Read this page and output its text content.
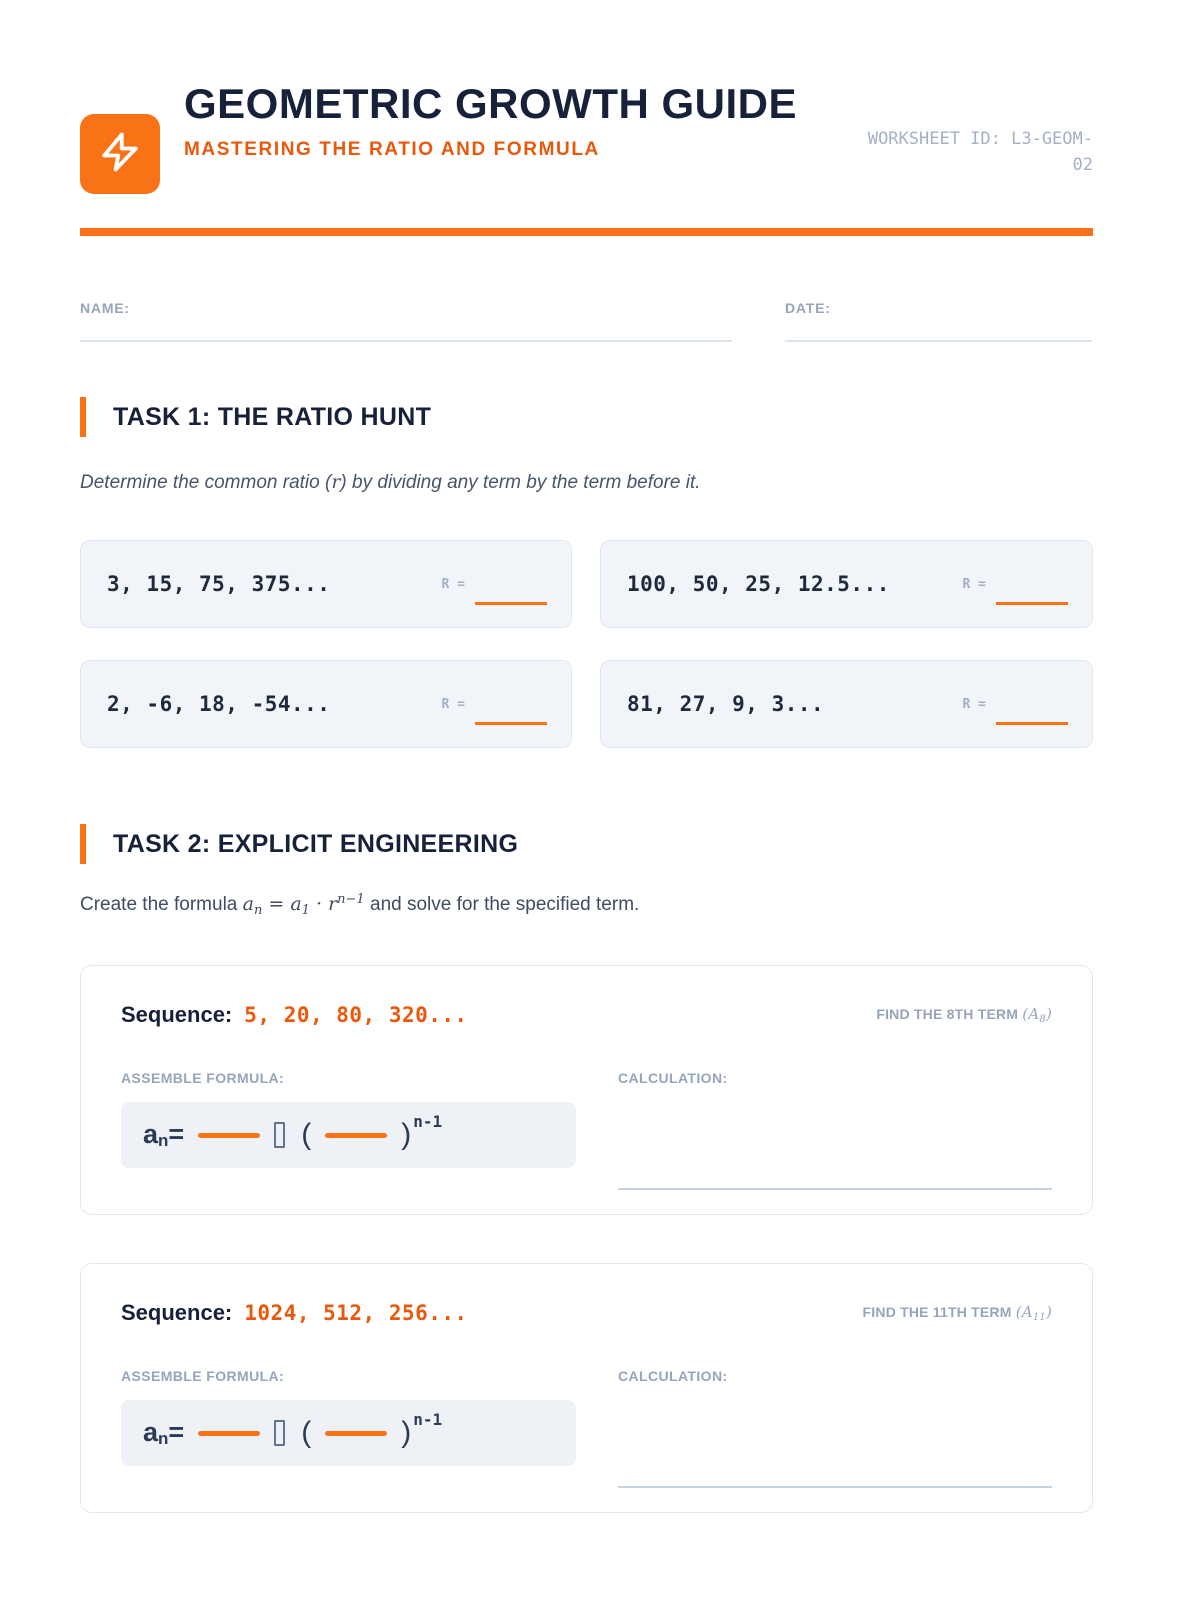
GEOMETRIC GROWTH GUIDE
MASTERING THE RATIO AND FORMULA	WORKSHEET ID: L3-GEOM-02
NAME:	DATE:
TASK 1: THE RATIO HUNT
Determine the common ratio (r) by dividing any term by the term before it.
3, 15, 75, 375...	R =	100, 50, 25, 12.5...	R =
2, -6, 18, -54...	R =	81, 27, 9, 3...	R =
TASK 2: EXPLICIT ENGINEERING
Create the formula $a_n = a_1 \cdot r^{n-1}$ and solve for the specified term.
Sequence: 5, 20, 80, 320...	FIND THE 8TH TERM $(A_8)$
ASSEMBLE FORMULA:
an=	(	) n-1
CALCULATION:
Sequence: 1024, 512, 256...	FIND THE 11TH TERM $(A_{11})$
ASSEMBLE FORMULA:
an=	(	) n-1
CALCULATION:
